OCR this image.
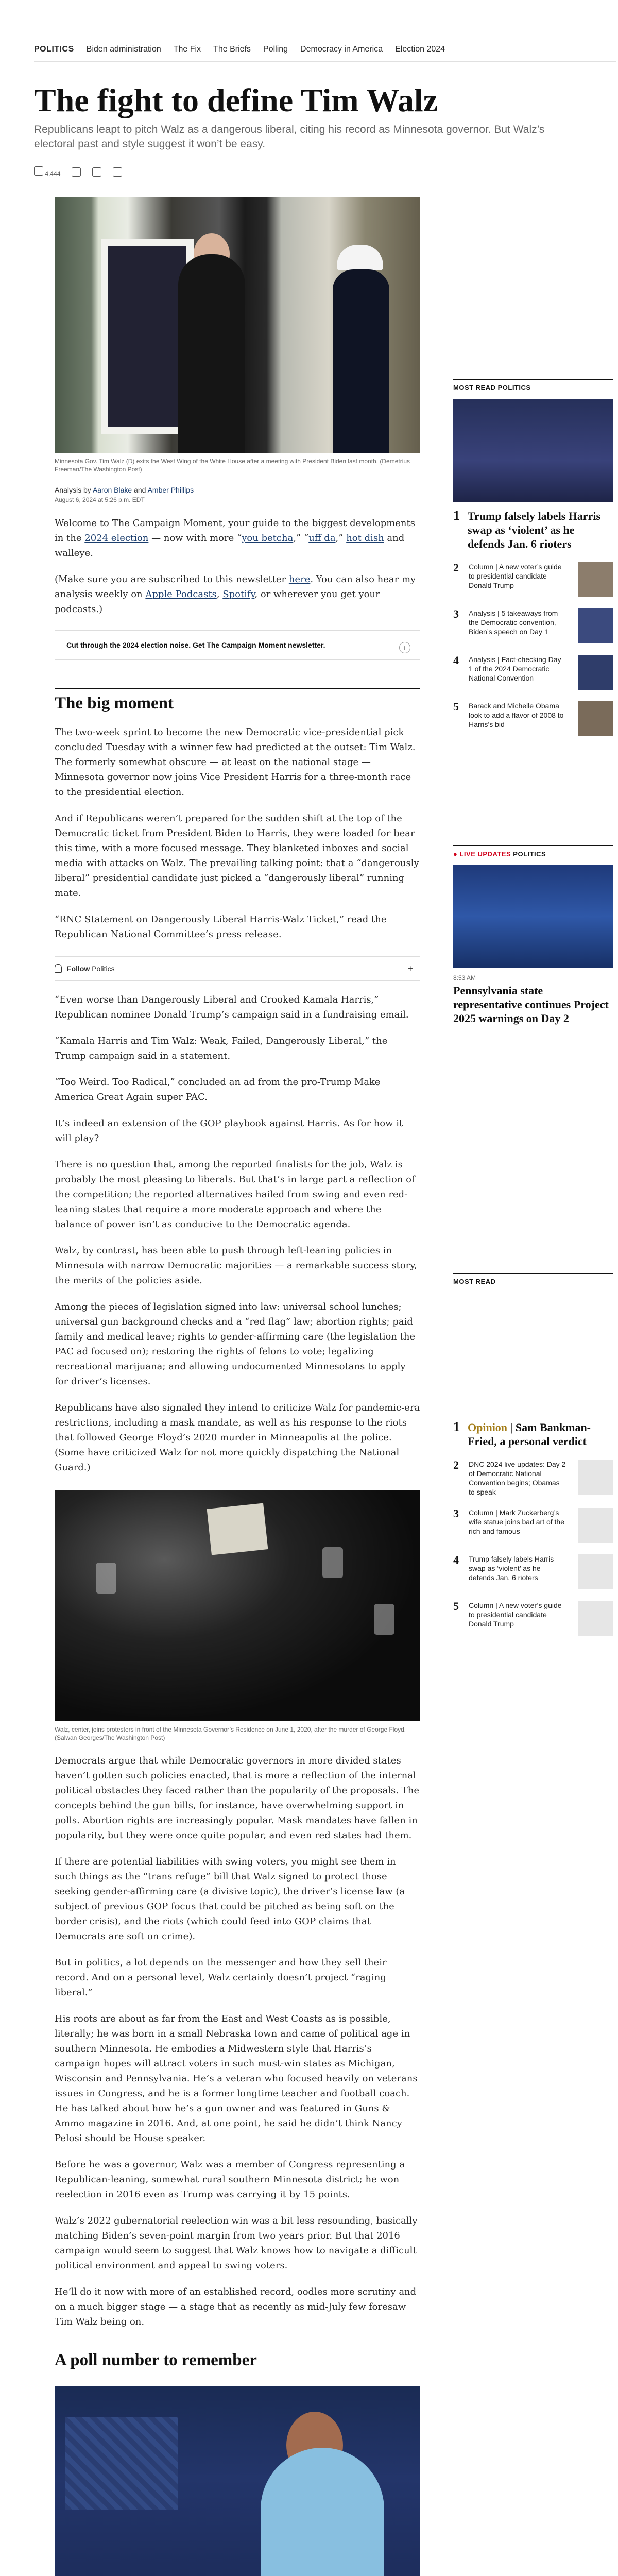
POLITICS Biden administration The Fix The Briefs Polling Democracy in America Election 2024
The fight to define Tim Walz
Republicans leapt to pitch Walz as a dangerous liberal, citing his record as Minnesota governor. But Walz’s electoral past and style suggest it won’t be easy.
4,444
Minnesota Gov. Tim Walz (D) exits the West Wing of the White House after a meeting with President Biden last month. (Demetrius Freeman/The Washington Post)
Analysis by Aaron Blake and Amber Phillips
August 6, 2024 at 5:26 p.m. EDT

Welcome to The Campaign Moment, your guide to the biggest developments in the 2024 election — now with more “you betcha,” “uff da,” hot dish and walleye.

(Make sure you are subscribed to this newsletter here. You can also hear my analysis weekly on Apple Podcasts, Spotify, or wherever you get your podcasts.)

Cut through the 2024 election noise. Get The Campaign Moment newsletter.	+
The big moment

The two-week sprint to become the new Democratic vice-presidential pick concluded Tuesday with a winner few had predicted at the outset: Tim Walz. The formerly somewhat obscure — at least on the national stage — Minnesota governor now joins Vice President Harris for a three-month race to the presidential election.

And if Republicans weren’t prepared for the sudden shift at the top of the Democratic ticket from President Biden to Harris, they were loaded for bear this time, with a more focused message. They blanketed inboxes and social media with attacks on Walz. The prevailing talking point: that a “dangerously liberal” presidential candidate just picked a “dangerously liberal” running mate.

“RNC Statement on Dangerously Liberal Harris-Walz Ticket,” read the Republican National Committee’s press release.

Follow Politics	+

“Even worse than Dangerously Liberal and Crooked Kamala Harris,” Republican nominee Donald Trump’s campaign said in a fundraising email.

“Kamala Harris and Tim Walz: Weak, Failed, Dangerously Liberal,” the Trump campaign said in a statement.

“Too Weird. Too Radical,” concluded an ad from the pro-Trump Make America Great Again super PAC.

It’s indeed an extension of the GOP playbook against Harris. As for how it will play?

There is no question that, among the reported finalists for the job, Walz is probably the most pleasing to liberals. But that’s in large part a reflection of the competition; the reported alternatives hailed from swing and even red-leaning states that require a more moderate approach and where the balance of power isn’t as conducive to the Democratic agenda.

Walz, by contrast, has been able to push through left-leaning policies in Minnesota with narrow Democratic majorities — a remarkable success story, the merits of the policies aside.

Among the pieces of legislation signed into law: universal school lunches; universal gun background checks and a “red flag” law; abortion rights; paid family and medical leave; rights to gender-affirming care (the legislation the PAC ad focused on); restoring the rights of felons to vote; legalizing recreational marijuana; and allowing undocumented Minnesotans to apply for driver’s licenses.

Republicans have also signaled they intend to criticize Walz for pandemic-era restrictions, including a mask mandate, as well as his response to the riots that followed George Floyd’s 2020 murder in Minneapolis at the police. (Some have criticized Walz for not more quickly dispatching the National Guard.)

Walz, center, joins protesters in front of the Minnesota Governor’s Residence on June 1, 2020, after the murder of George Floyd. (Salwan Georges/The Washington Post)

Democrats argue that while Democratic governors in more divided states haven’t gotten such policies enacted, that is more a reflection of the internal political obstacles they faced rather than the popularity of the proposals. The concepts behind the gun bills, for instance, have overwhelming support in polls. Abortion rights are increasingly popular. Mask mandates have fallen in popularity, but they were once quite popular, and even red states had them.

If there are potential liabilities with swing voters, you might see them in such things as the “trans refuge” bill that Walz signed to protect those seeking gender-affirming care (a divisive topic), the driver’s license law (a subject of previous GOP focus that could be pitched as being soft on the border crisis), and the riots (which could feed into GOP claims that Democrats are soft on crime).

But in politics, a lot depends on the messenger and how they sell their record. And on a personal level, Walz certainly doesn’t project “raging liberal.”

His roots are about as far from the East and West Coasts as is possible, literally; he was born in a small Nebraska town and came of political age in southern Minnesota. He embodies a Midwestern style that Harris’s campaign hopes will attract voters in such must-win states as Michigan, Wisconsin and Pennsylvania. He’s a veteran who focused heavily on veterans issues in Congress, and he is a former longtime teacher and football coach. He has talked about how he’s a gun owner and was featured in Guns & Ammo magazine in 2016. And, at one point, he said he didn’t think Nancy Pelosi should be House speaker.

Before he was a governor, Walz was a member of Congress representing a Republican-leaning, somewhat rural southern Minnesota district; he won reelection in 2016 even as Trump was carrying it by 15 points.

Walz’s 2022 gubernatorial reelection win was a bit less resounding, basically matching Biden’s seven-point margin from two years prior. But that 2016 campaign would seem to suggest that Walz knows how to navigate a difficult political environment and appeal to swing voters.

He’ll do it now with more of an established record, oodles more scrutiny and on a much bigger stage — a stage that as recently as mid-July few foresaw Tim Walz being on.

A poll number to remember
MOST READ POLITICS
1 Trump falsely labels Harris swap as ‘violent’ as he defends Jan. 6 rioters
2	Column | A new voter’s guide to presidential candidate Donald Trump
3	Analysis | 5 takeaways from the Democratic convention, Biden’s speech on Day 1
4	Analysis | Fact-checking Day 1 of the 2024 Democratic National Convention
5	Barack and Michelle Obama look to add a flavor of 2008 to Harris’s bid
● LIVE UPDATES POLITICS
8:53 AM
Pennsylvania state representative continues Project 2025 warnings on Day 2
MOST READ
1 Opinion | Sam Bankman-Fried, a personal verdict
2	DNC 2024 live updates: Day 2 of Democratic National Convention begins; Obamas to speak
3	Column | Mark Zuckerberg’s wife statue joins bad art of the rich and famous
4	Trump falsely labels Harris swap as ‘violent’ as he defends Jan. 6 rioters
5	Column | A new voter’s guide to presidential candidate Donald Trump
